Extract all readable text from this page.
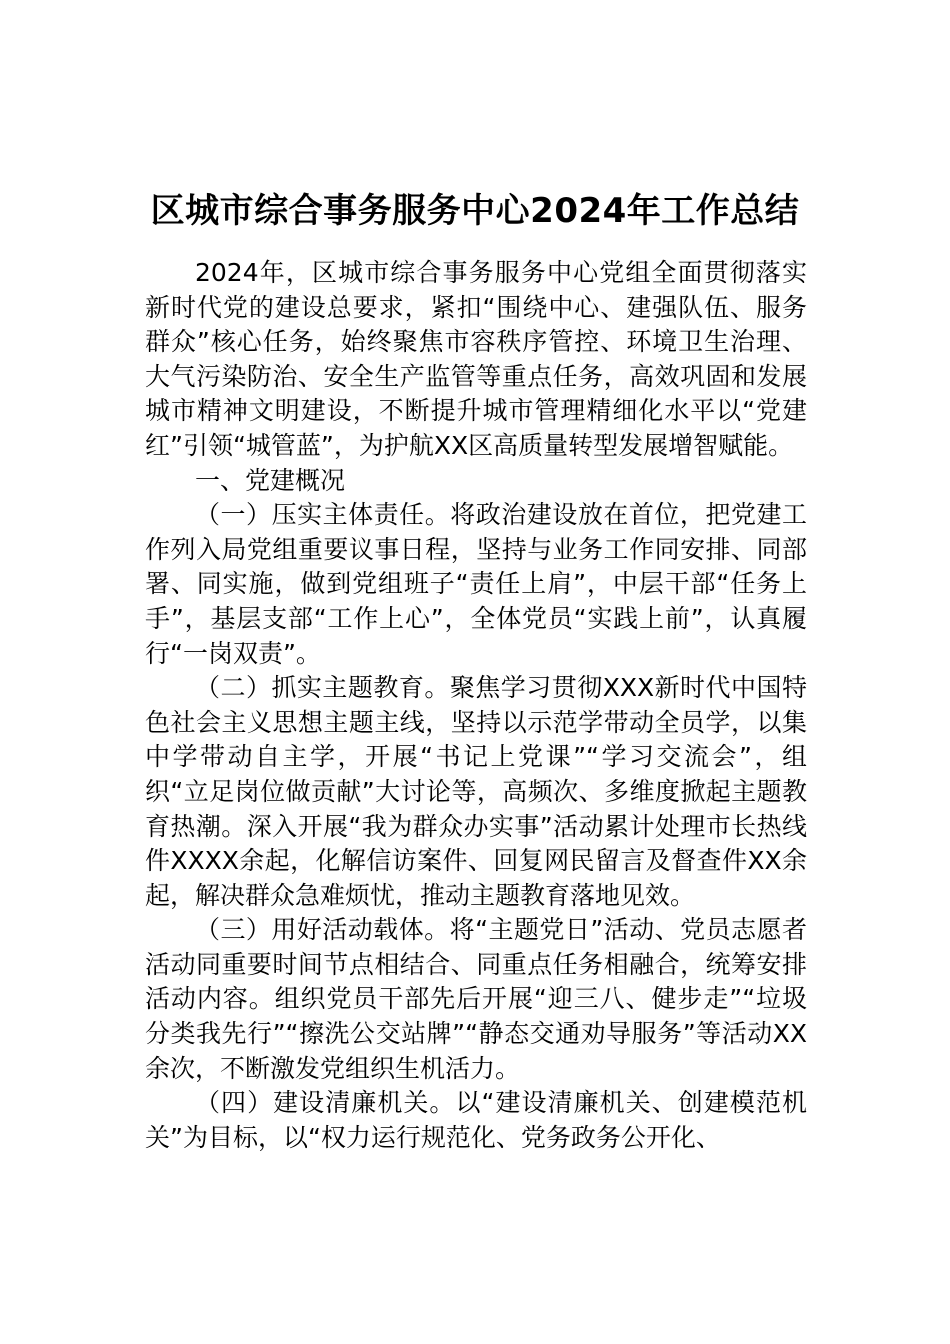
区城市综合事务服务中心2024年工作总结

2024年，区城市综合事务服务中心党组全面贯彻落实新时代党的建设总要求，紧扣“围绕中心、建强队伍、服务群众”核心任务，始终聚焦市容秩序管控、环境卫生治理、大气污染防治、安全生产监管等重点任务，高效巩固和发展城市精神文明建设，不断提升城市管理精细化水平以“党建红”引领“城管蓝”，为护航XX区高质量转型发展增智赋能。

一、党建概况

（一）压实主体责任。将政治建设放在首位，把党建工作列入局党组重要议事日程，坚持与业务工作同安排、同部署、同实施，做到党组班子“责任上肩”，中层干部“任务上手”，基层支部“工作上心”，全体党员“实践上前”，认真履行“一岗双责”。

（二）抓实主题教育。聚焦学习贯彻XXX新时代中国特色社会主义思想主题主线，坚持以示范学带动全员学，以集中学带动自主学，开展“书记上党课”“学习交流会”，组织“立足岗位做贡献”大讨论等，高频次、多维度掀起主题教育热潮。深入开展“我为群众办实事”活动累计处理市长热线件XXXX余起，化解信访案件、回复网民留言及督查件XX余起，解决群众急难烦忧，推动主题教育落地见效。

（三）用好活动载体。将“主题党日”活动、党员志愿者活动同重要时间节点相结合、同重点任务相融合，统筹安排活动内容。组织党员干部先后开展“迎三八、健步走”“垃圾分类我先行”“擦洗公交站牌”“静态交通劝导服务”等活动XX余次，不断激发党组织生机活力。

（四）建设清廉机关。以“建设清廉机关、创建模范机关”为目标，以“权力运行规范化、党务政务公开化、
